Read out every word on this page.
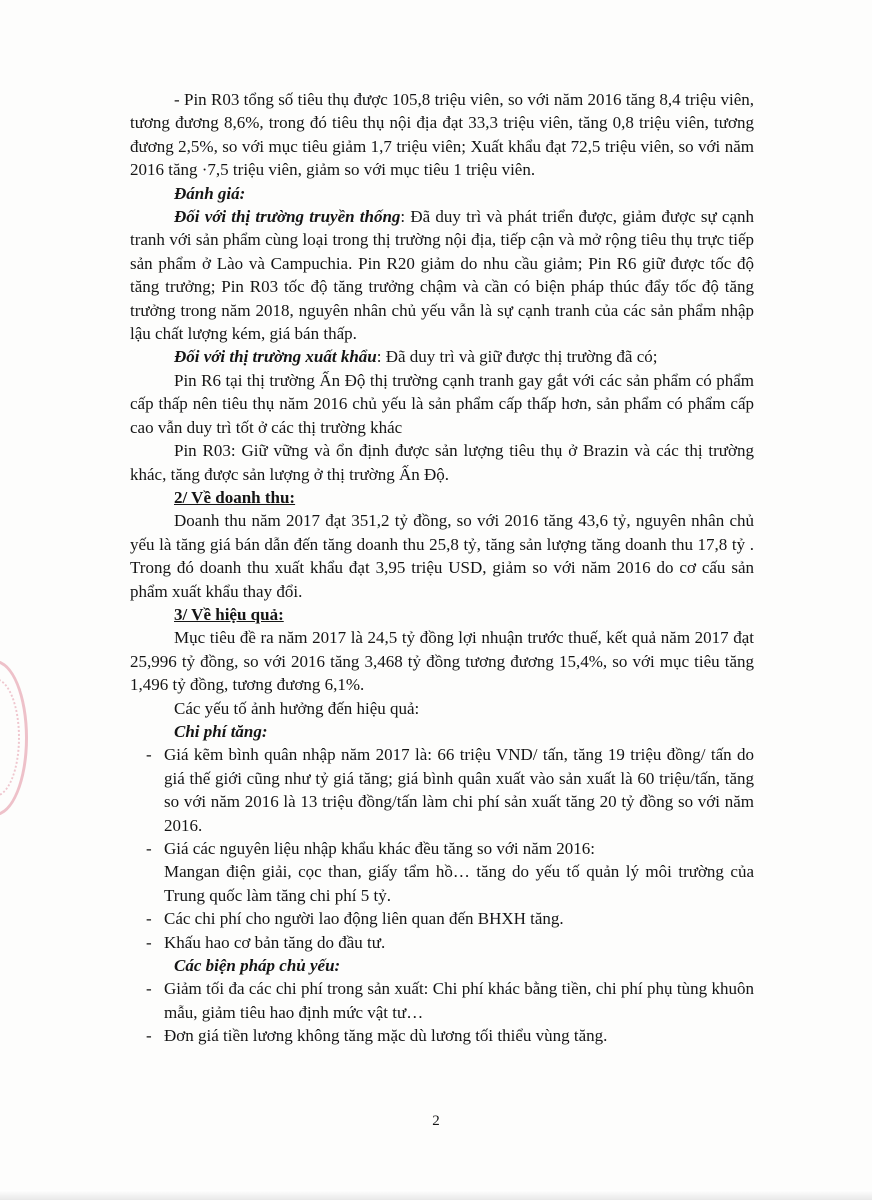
- Pin R03 tổng số tiêu thụ được 105,8 triệu viên, so với năm 2016 tăng 8,4 triệu viên, tương đương 8,6%, trong đó tiêu thụ nội địa đạt 33,3 triệu viên, tăng 0,8 triệu viên, tương đương 2,5%, so với mục tiêu giảm 1,7 triệu viên; Xuất khẩu đạt 72,5 triệu viên, so với năm 2016 tăng ·7,5 triệu viên, giảm so với mục tiêu 1 triệu viên.

Đánh giá:

Đối với thị trường truyền thống: Đã duy trì và phát triển được, giảm được sự cạnh tranh với sản phẩm cùng loại trong thị trường nội địa, tiếp cận và mở rộng tiêu thụ trực tiếp sản phẩm ở Lào và Campuchia. Pin R20 giảm do nhu cầu giảm; Pin R6 giữ được tốc độ tăng trưởng; Pin R03 tốc độ tăng trưởng chậm và cần có biện pháp thúc đẩy tốc độ tăng trưởng trong năm 2018, nguyên nhân chủ yếu vẫn là sự cạnh tranh của các sản phẩm nhập lậu chất lượng kém, giá bán thấp.

Đối với thị trường xuất khẩu: Đã duy trì và giữ được thị trường đã có;

Pin R6 tại thị trường Ấn Độ thị trường cạnh tranh gay gắt với các sản phẩm có phẩm cấp thấp nên tiêu thụ năm 2016 chủ yếu là sản phẩm cấp thấp hơn, sản phẩm có phẩm cấp cao vẫn duy trì tốt ở các thị trường khác

Pin R03: Giữ vững và ổn định được sản lượng tiêu thụ ở Brazin và các thị trường khác, tăng được sản lượng ở thị trường Ấn Độ.

2/ Về doanh thu:

Doanh thu năm 2017 đạt 351,2 tỷ đồng, so với 2016 tăng 43,6 tỷ, nguyên nhân chủ yếu là tăng giá bán dẫn đến tăng doanh thu 25,8 tỷ, tăng sản lượng tăng doanh thu 17,8 tỷ . Trong đó doanh thu xuất khẩu đạt 3,95 triệu USD, giảm so với năm 2016 do cơ cấu sản phẩm xuất khẩu thay đổi.

3/ Về hiệu quả:

Mục tiêu đề ra năm 2017 là 24,5 tỷ đồng lợi nhuận trước thuế, kết quả năm 2017 đạt 25,996 tỷ đồng, so với 2016 tăng 3,468 tỷ đồng tương đương 15,4%, so với mục tiêu tăng 1,496 tỷ đồng, tương đương 6,1%.

Các yếu tố ảnh hưởng đến hiệu quả:

Chi phí tăng:

- Giá kẽm bình quân nhập năm 2017 là: 66 triệu VND/ tấn, tăng 19 triệu đồng/ tấn do giá thế giới cũng như tỷ giá tăng; giá bình quân xuất vào sản xuất là 60 triệu/tấn, tăng so với năm 2016 là 13 triệu đồng/tấn làm chi phí sản xuất tăng 20 tỷ đồng so với năm 2016.
- Giá các nguyên liệu nhập khẩu khác đều tăng so với năm 2016:

Mangan điện giải, cọc than, giấy tẩm hồ… tăng do yếu tố quản lý môi trường của Trung quốc làm tăng chi phí 5 tỷ.

- Các chi phí cho người lao động liên quan đến BHXH tăng.
- Khấu hao cơ bản tăng do đầu tư.

Các biện pháp chủ yếu:

- Giảm tối đa các chi phí trong sản xuất: Chi phí khác bằng tiền, chi phí phụ tùng khuôn mẫu, giảm tiêu hao định mức vật tư…
- Đơn giá tiền lương không tăng mặc dù lương tối thiểu vùng tăng.
2
